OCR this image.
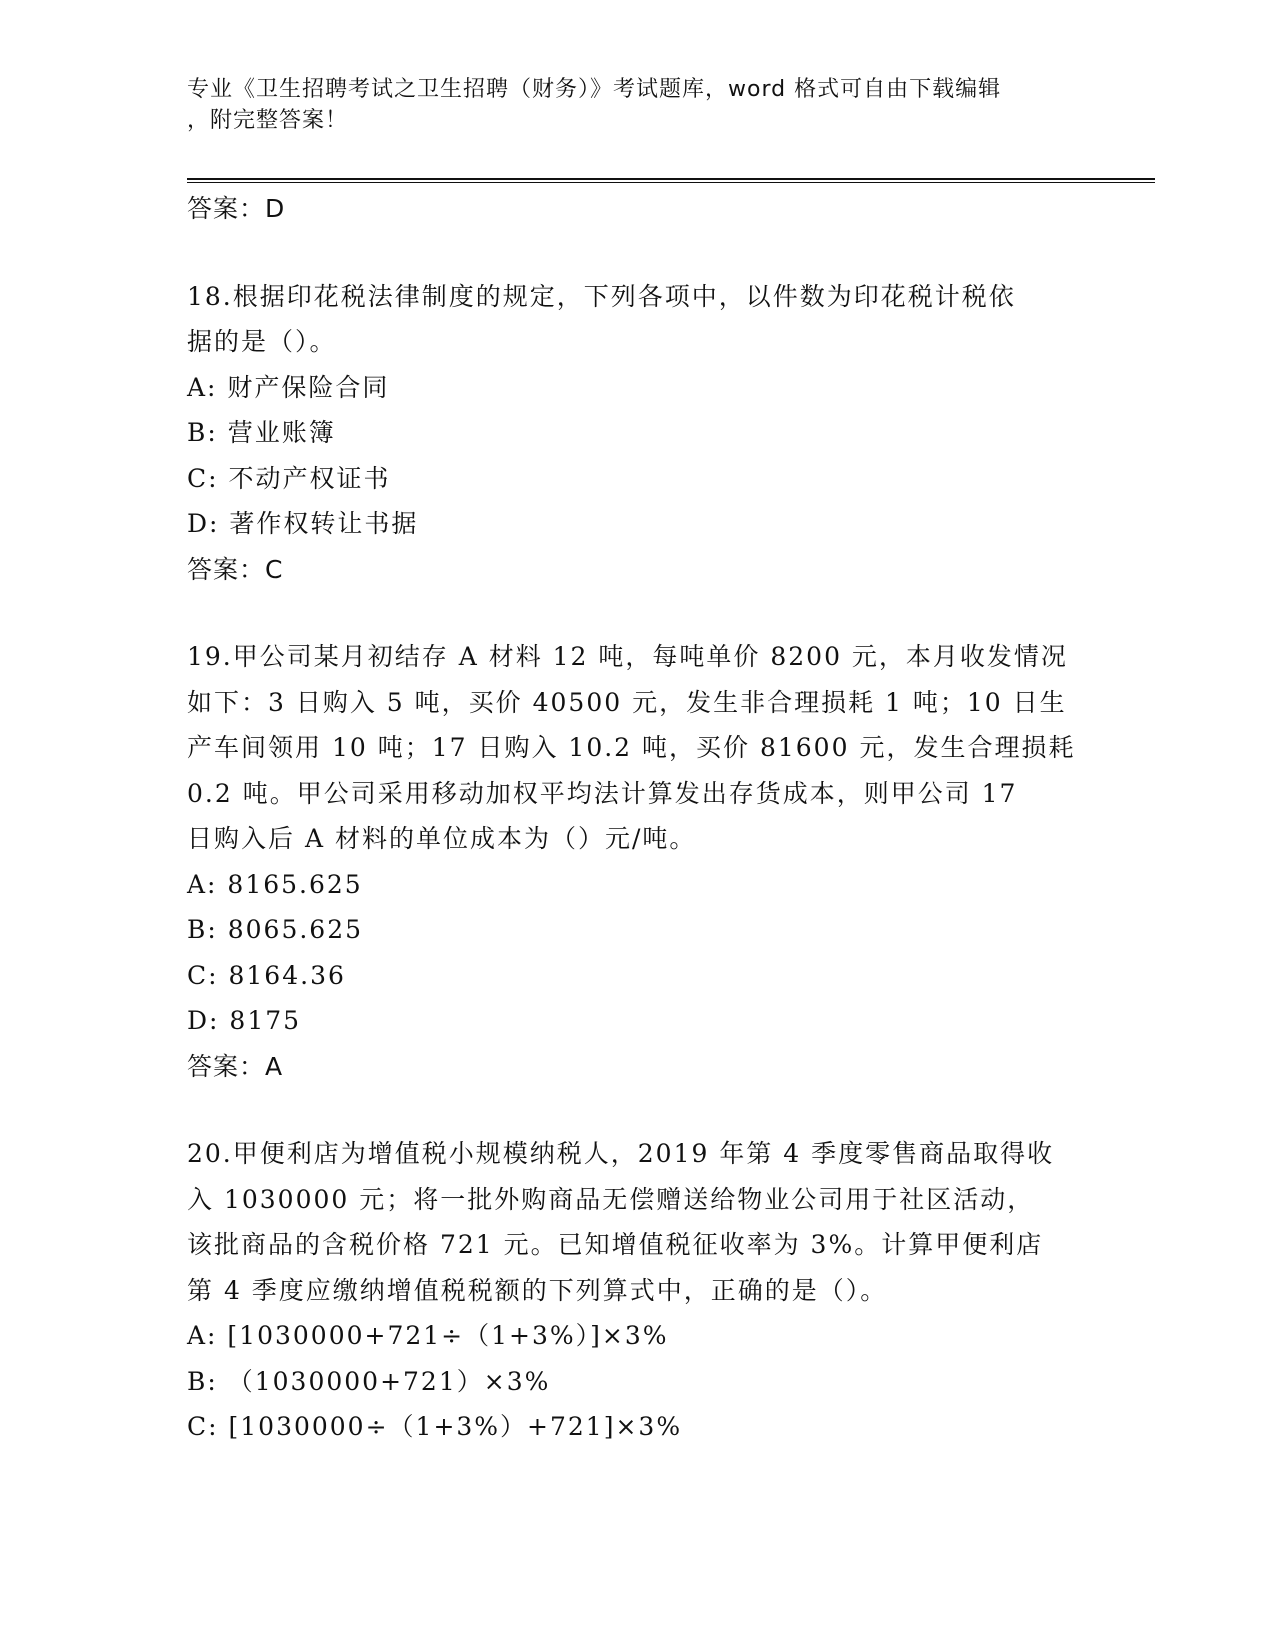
专业《卫生招聘考试之卫生招聘（财务）》考试题库，word 格式可自由下载编辑
，附完整答案！
答案：D
18.根据印花税法律制度的规定，下列各项中，以件数为印花税计税依
据的是（）。
A: 财产保险合同
B: 营业账簿
C: 不动产权证书
D: 著作权转让书据
答案：C
19.甲公司某月初结存 A 材料 12 吨，每吨单价 8200 元，本月收发情况
如下：3 日购入 5 吨，买价 40500 元，发生非合理损耗 1 吨；10 日生
产车间领用 10 吨；17 日购入 10.2 吨，买价 81600 元，发生合理损耗
0.2 吨。甲公司采用移动加权平均法计算发出存货成本，则甲公司 17
日购入后 A 材料的单位成本为（）元/吨。
A: 8165.625
B: 8065.625
C: 8164.36
D: 8175
答案：A
20.甲便利店为增值税小规模纳税人，2019 年第 4 季度零售商品取得收
入 1030000 元；将一批外购商品无偿赠送给物业公司用于社区活动，
该批商品的含税价格 721 元。已知增值税征收率为 3%。计算甲便利店
第 4 季度应缴纳增值税税额的下列算式中，正确的是（）。
A: [1030000+721÷（1+3%）]×3%
B: （1030000+721）×3%
C: [1030000÷（1+3%）+721]×3%
